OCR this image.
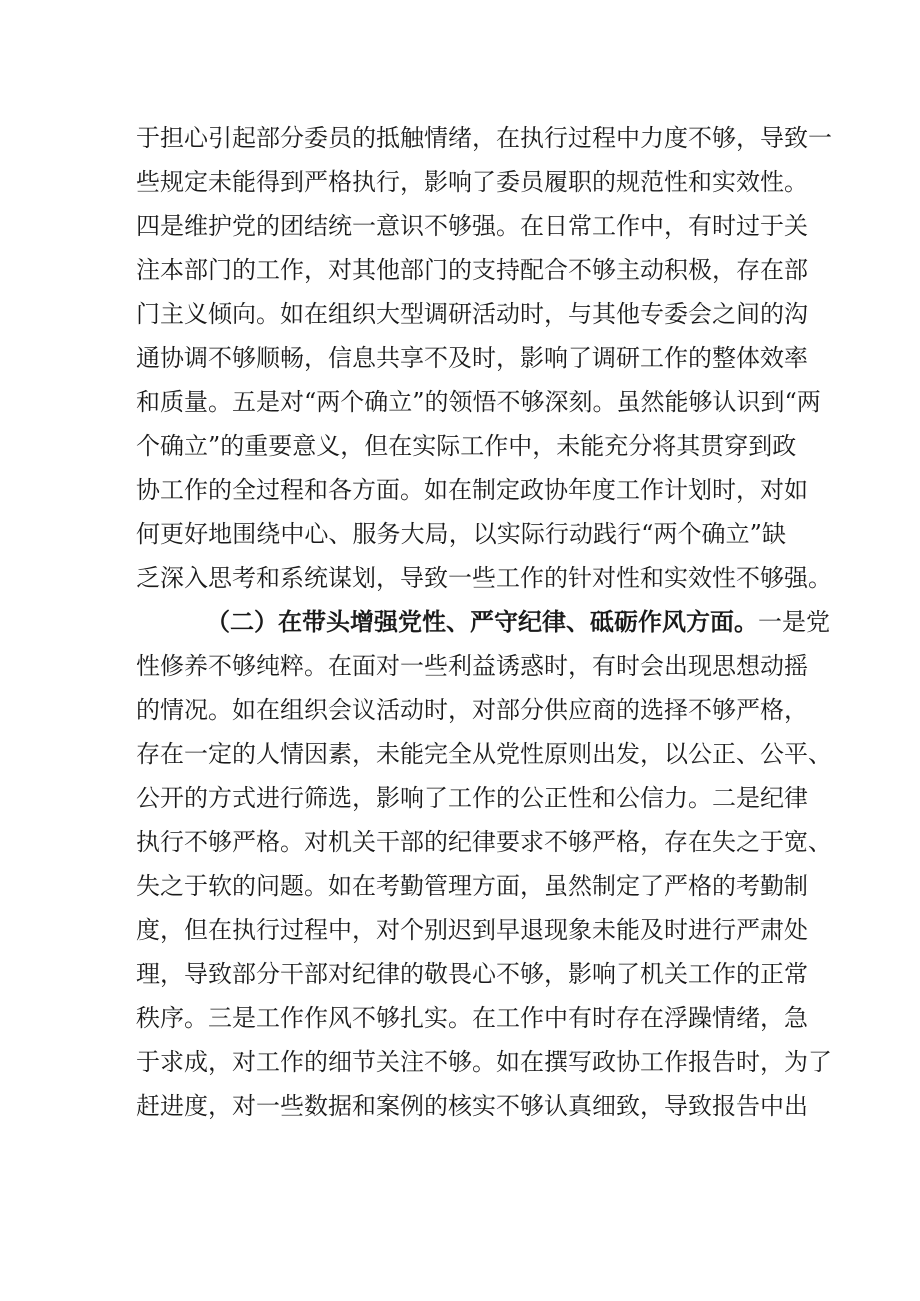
于担心引起部分委员的抵触情绪，在执行过程中力度不够，导致一
些规定未能得到严格执行，影响了委员履职的规范性和实效性。
四是维护党的团结统一意识不够强。在日常工作中，有时过于关
注本部门的工作，对其他部门的支持配合不够主动积极，存在部
门主义倾向。如在组织大型调研活动时，与其他专委会之间的沟
通协调不够顺畅，信息共享不及时，影响了调研工作的整体效率
和质量。五是对“两个确立”的领悟不够深刻。虽然能够认识到“两
个确立”的重要意义，但在实际工作中，未能充分将其贯穿到政
协工作的全过程和各方面。如在制定政协年度工作计划时，对如
何更好地围绕中心、服务大局，以实际行动践行“两个确立”缺
乏深入思考和系统谋划，导致一些工作的针对性和实效性不够强。
（二）在带头增强党性、严守纪律、砥砺作风方面。一是党
性修养不够纯粹。在面对一些利益诱惑时，有时会出现思想动摇
的情况。如在组织会议活动时，对部分供应商的选择不够严格，
存在一定的人情因素，未能完全从党性原则出发，以公正、公平、
公开的方式进行筛选，影响了工作的公正性和公信力。二是纪律
执行不够严格。对机关干部的纪律要求不够严格，存在失之于宽、
失之于软的问题。如在考勤管理方面，虽然制定了严格的考勤制
度，但在执行过程中，对个别迟到早退现象未能及时进行严肃处
理，导致部分干部对纪律的敬畏心不够，影响了机关工作的正常
秩序。三是工作作风不够扎实。在工作中有时存在浮躁情绪，急
于求成，对工作的细节关注不够。如在撰写政协工作报告时，为了
赶进度，对一些数据和案例的核实不够认真细致，导致报告中出
